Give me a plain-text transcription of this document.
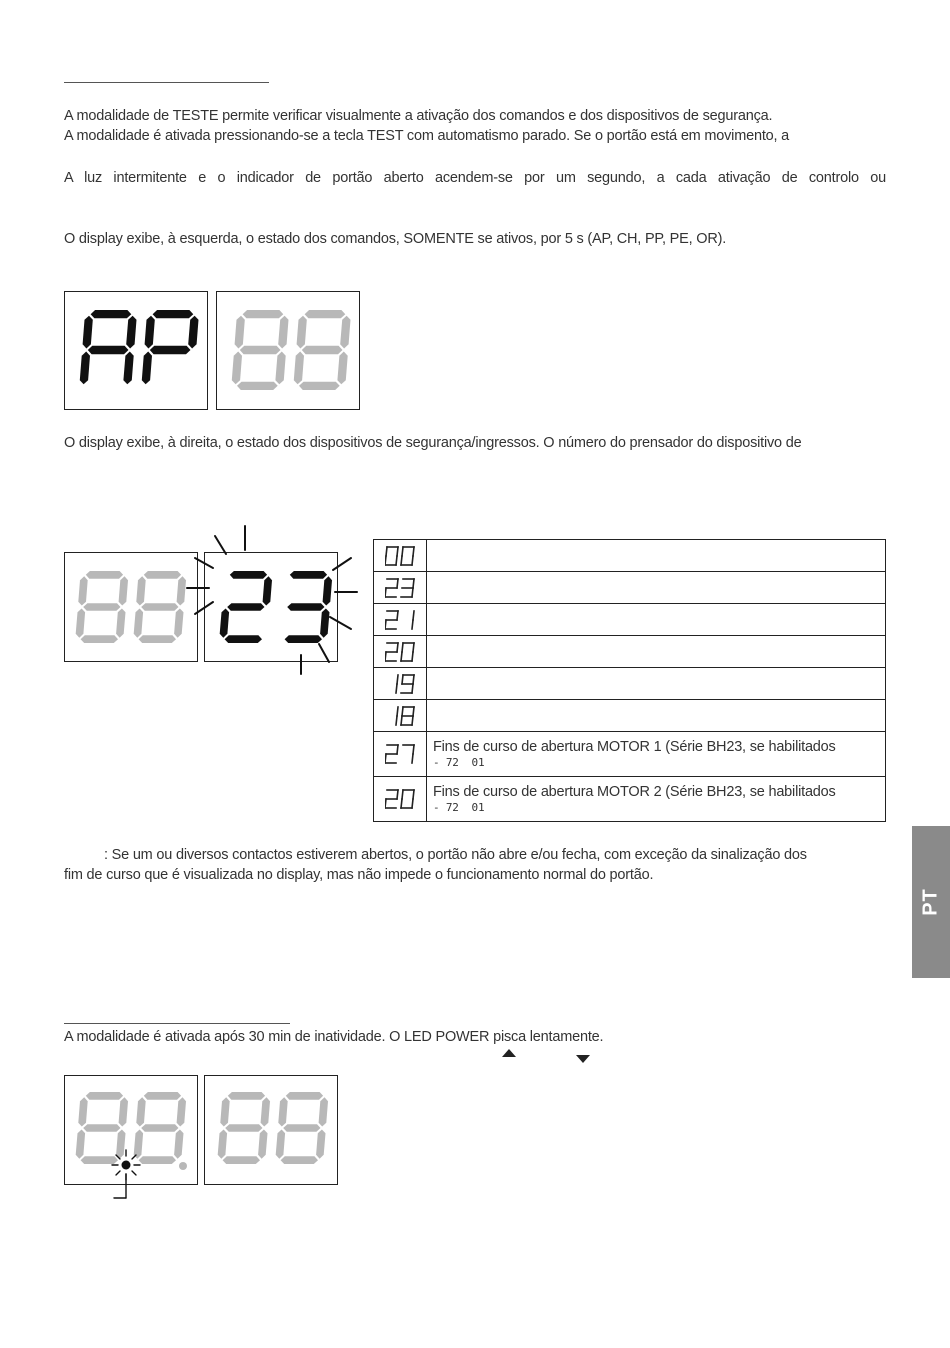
A modalidade de TESTE permite verificar visualmente a ativação dos comandos e dos dispositivos de segurança.
A modalidade é ativada pressionando-se a tecla TEST com automatismo parado. Se o portão está em movimento, a
A luz intermitente e o indicador de portão aberto acendem-se por um segundo, a cada ativação de controlo ou
O display exibe, à esquerda, o estado dos comandos, SOMENTE se ativos, por 5 s (AP, CH, PP, PE, OR).
O display exibe, à direita, o estado dos dispositivos de segurança/ingressos. O número do prensador do dispositivo de

Fins de curso de abertura MOTOR 1 (Série BH23, se habilitados
- 72  01

Fins de curso de abertura MOTOR 2 (Série BH23, se habilitados
- 72  01
: Se um ou diversos contactos estiverem abertos, o portão não abre e/ou fecha, com exceção da sinalização dos
fim de curso que é visualizada no display, mas não impede o funcionamento normal do portão.
PT
A modalidade é ativada após 30 min de inatividade. O LED POWER pisca lentamente.
